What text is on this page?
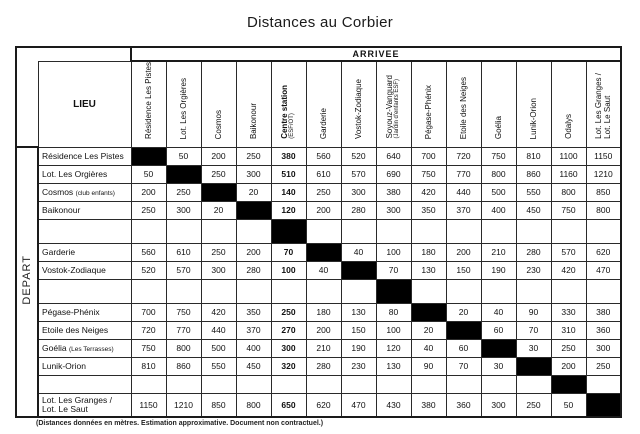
Distances au Corbier
		ARRIVEE													
	LIEU	Résidence Les Pistes	Lot. Les Orgières	Cosmos	Baikonour	Centre station (ESF/OT)	Garderie	Vostok-Zodiaque	Soyouz-Vanguard (Jardin d'enfants ESF)	Pégase-Phénix	Etoile des Neiges	Goélia	Lunik-Orion	Odalys	Lot. Les Granges / Lot. Le Saut

DEPART	Résidence Les Pistes		50	200	250	380	560	520	640	700	720	750	810	1100	1150
	Lot. Les Orgières	50		250	300	510	610	570	690	750	770	800	860	1160	1210
	Cosmos (club enfants)	200	250		20	140	250	300	380	420	440	500	550	800	850
	Baikonour	250	300	20		120	200	280	300	350	370	400	450	750	800
	Centre station
(ESF/OT)	380	510	140	120		70	100	190	250	270	300	320	600	650
	Garderie	560	610	250	200	70		40	100	180	200	210	280	570	620
	Vostok-Zodiaque	520	570	300	280	100	40		70	130	150	190	230	420	470
	Soyouz-Vanguard
(Jardin d'enfants ESF)	640	690	380	300	190	100	70		80	100	120	130	380	430
	Pégase-Phénix	700	750	420	350	250	180	130	80		20	40	90	330	380
	Etoile des Neiges	720	770	440	370	270	200	150	100	20		60	70	310	360
	Goélia (Les Terrasses)	750	800	500	400	300	210	190	120	40	60		30	250	300
	Lunik-Orion	810	860	550	450	320	280	230	130	90	70	30		200	250
	Odalys (Les Alpages)	1100	1160	750	800	600	570	420	380	330	310	250	200		50
	Lot. Les Granges /
Lot. Le Saut	1150	1210	850	800	650	620	470	430	380	360	300	250	50	
(Distances données en mètres. Estimation approximative. Document non contractuel.)
